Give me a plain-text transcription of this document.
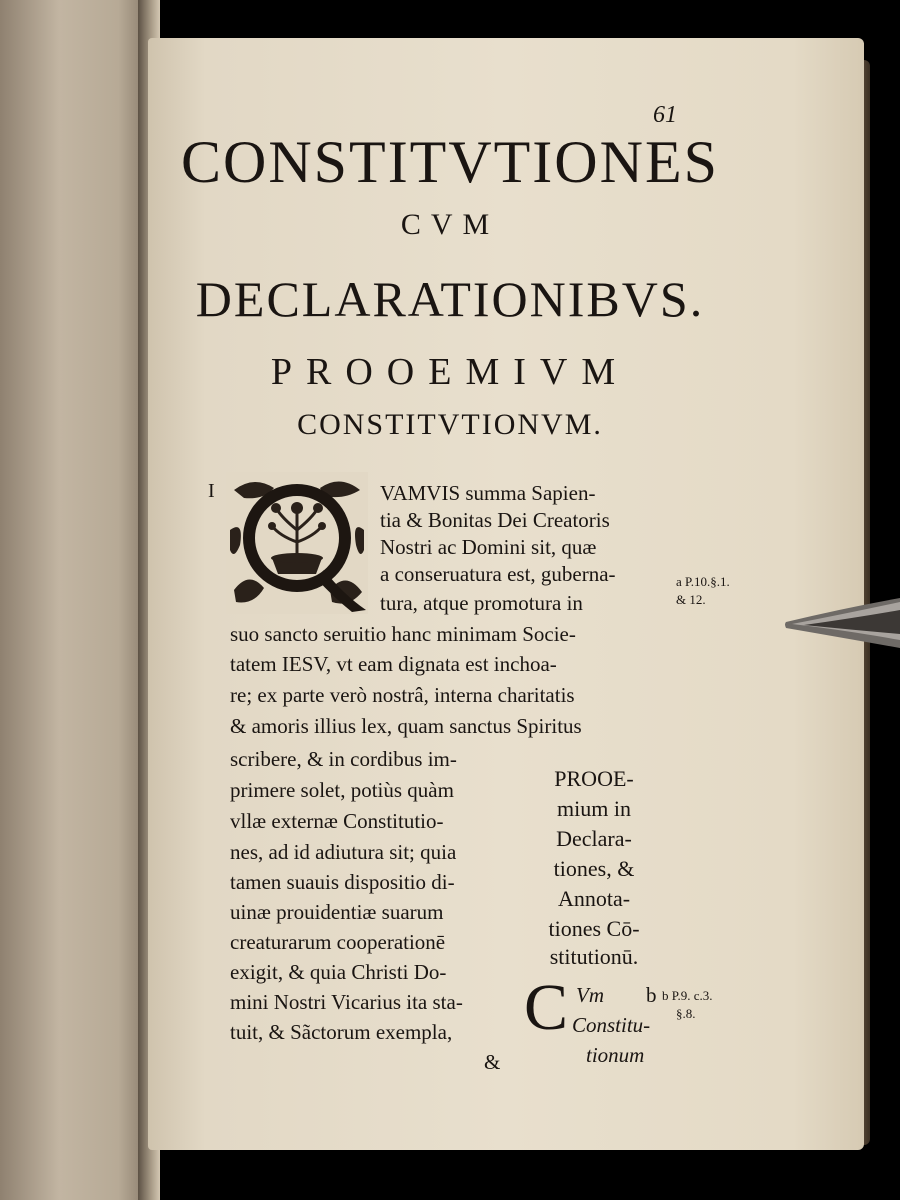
61
CONSTITVTIONES
CVM
DECLARATIONIBVS.
PROOEMIVM
CONSTITVTIONVM.
I	VAMVIS summa Sapien-
tia & Bonitas Dei Creatoris
Nostri ac Domini sit, quæ
a conseruatura est, guberna-
tura, atque promotura in
suo sancto seruitio hanc minimam Socie-
tatem IESV, vt eam dignata est inchoa-
re; ex parte verò nostrâ, interna charitatis
& amoris illius lex, quam sanctus Spiritus
scribere, & in cordibus im-
primere solet, potiùs quàm
vllæ externæ Constitutio-
nes, ad id adiutura sit; quia
tamen suauis dispositio di-
uinæ prouidentiæ suarum
creaturarum cooperationē
exigit, & quia Christi Do-
mini Nostri Vicarius ita sta-
tuit, & Sãctorum exempla,
&
a P.10.§.1.
& 12.
PROOE-
mium in
Declara-
tiones, &
Annota-
tiones Cō-
stitutionū.
C Vm
Constitu-
tionum
b b P.9. c.3.
§.8.
